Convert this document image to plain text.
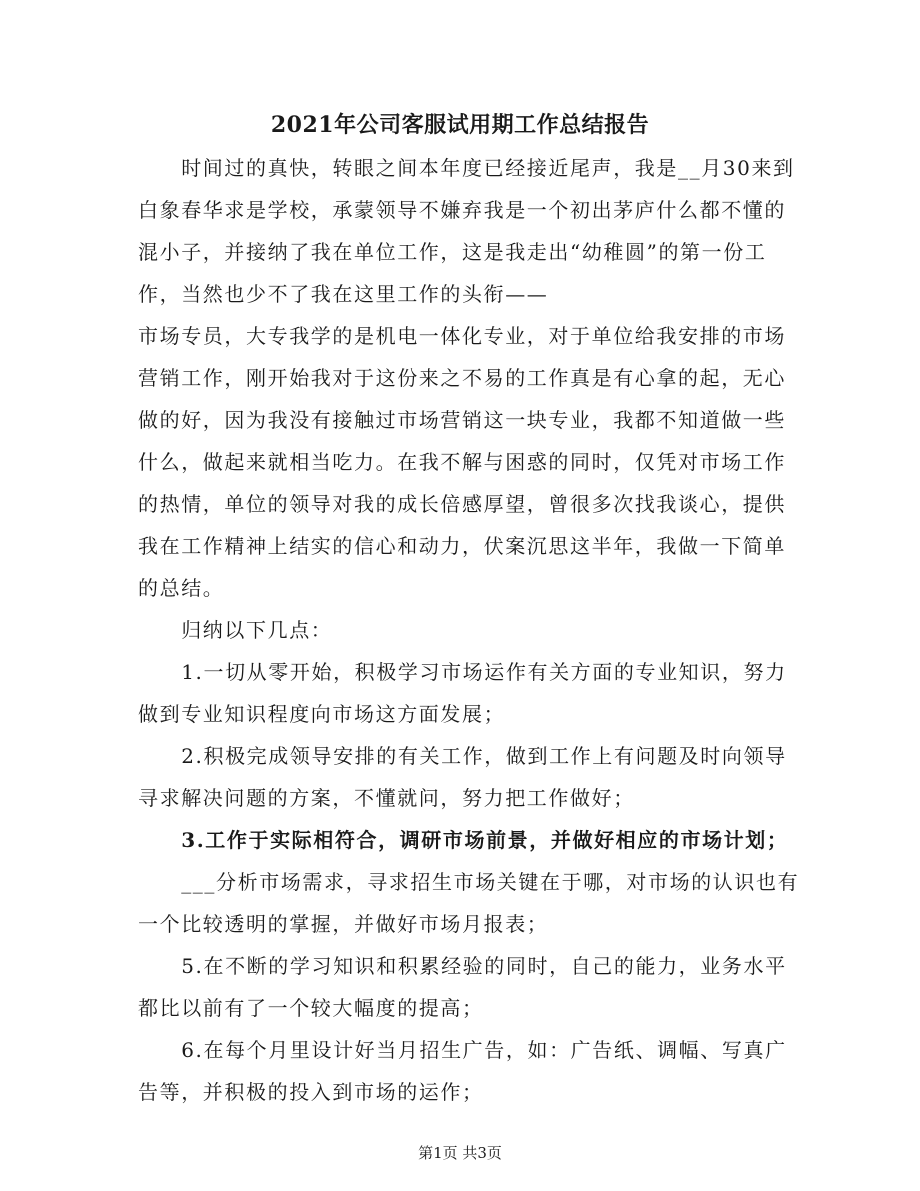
2021年公司客服试用期工作总结报告
　　时间过的真快，转眼之间本年度已经接近尾声，我是__月30来到
白象春华求是学校，承蒙领导不嫌弃我是一个初出茅庐什么都不懂的
混小子，并接纳了我在单位工作，这是我走出“幼稚圆”的第一份工
作，当然也少不了我在这里工作的头衔——
市场专员，大专我学的是机电一体化专业，对于单位给我安排的市场
营销工作，刚开始我对于这份来之不易的工作真是有心拿的起，无心
做的好，因为我没有接触过市场营销这一块专业，我都不知道做一些
什么，做起来就相当吃力。在我不解与困惑的同时，仅凭对市场工作
的热情，单位的领导对我的成长倍感厚望，曾很多次找我谈心，提供
我在工作精神上结实的信心和动力，伏案沉思这半年，我做一下简单
的总结。
　　归纳以下几点：
　　1.一切从零开始，积极学习市场运作有关方面的专业知识，努力
做到专业知识程度向市场这方面发展；
　　2.积极完成领导安排的有关工作，做到工作上有问题及时向领导
寻求解决问题的方案，不懂就问，努力把工作做好；
　　3.工作于实际相符合，调研市场前景，并做好相应的市场计划；
　　___分析市场需求，寻求招生市场关键在于哪，对市场的认识也有
一个比较透明的掌握，并做好市场月报表；
　　5.在不断的学习知识和积累经验的同时，自己的能力，业务水平
都比以前有了一个较大幅度的提高；
　　6.在每个月里设计好当月招生广告，如：广告纸、调幅、写真广
告等，并积极的投入到市场的运作；
第1页 共3页
